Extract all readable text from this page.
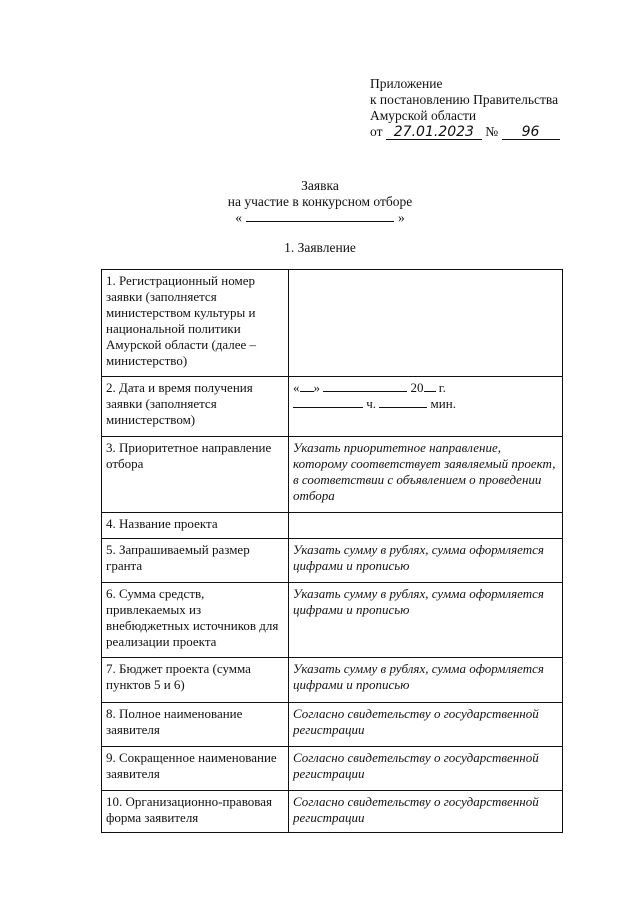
Приложение
к постановлению Правительства
Амурской области
от 27.01.2023 № 96
Заявка
на участие в конкурсном отборе
«	»
1. Заявление
1. Регистрационный номер заявки (заполняется министерством культуры и национальной политики Амурской области (далее – министерство)	
2. Дата и время получения заявки (заполняется министерством)	« » 20 г.
ч. мин.

3. Приоритетное направление отбора	Указать приоритетное направление, которому соответствует заявляемый проект, в соответствии с объявлением о проведении отбора
4. Название проекта	
5. Запрашиваемый размер гранта	Указать сумму в рублях, сумма оформляется цифрами и прописью
6. Сумма средств, привлекаемых из внебюджетных источников для реализации проекта	Указать сумму в рублях, сумма оформляется цифрами и прописью
7. Бюджет проекта (сумма пунктов 5 и 6)	Указать сумму в рублях, сумма оформляется цифрами и прописью
8. Полное наименование заявителя	Согласно свидетельству о государственной регистрации
9. Сокращенное наименование заявителя	Согласно свидетельству о государственной регистрации
10. Организационно-правовая форма заявителя	Согласно свидетельству о государственной регистрации
